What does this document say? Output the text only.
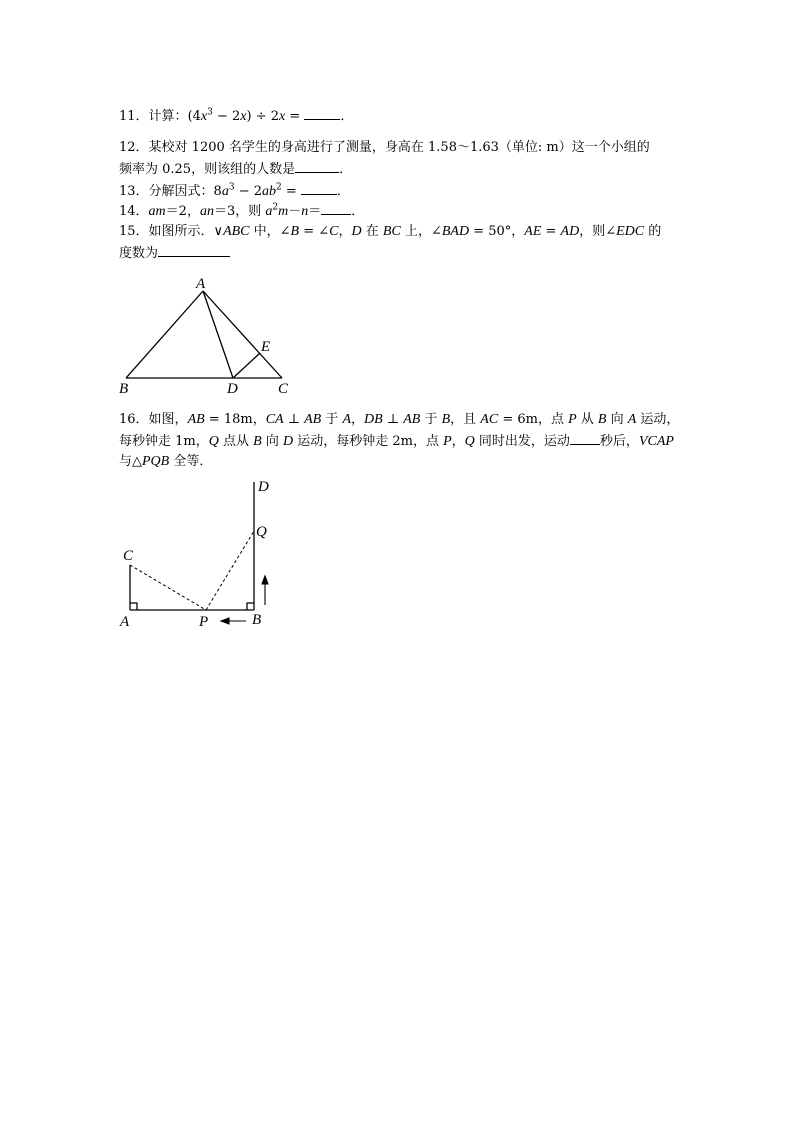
11．计算：$(4x^3 - 2x) \div 2x$ =	．
12．某校对 1200 名学生的身高进行了测量，身高在 1.58～1.63（单位: m）这一个小组的
频率为 0.25，则该组的人数是	．
13．分解因式：$8a^3 - 2ab^2$ =	．
14．am＝2，an＝3，则 $a^2m-n=$ ．
15．如图所示．∨ABC 中，∠B = ∠C，D 在 BC 上，∠BAD = 50°，AE = AD，则∠EDC 的
度数为
A
B	C
D
E
16．如图，AB = 18m，CA ⊥ AB 于 A，DB ⊥ AB 于 B，且 AC = 6m，点 P 从 B 向 A 运动，
每秒钟走 1m，Q 点从 B 向 D 运动，每秒钟走 2m，点 P，Q 同时出发，运动 秒后，VCAP
与△PQB 全等．
D
Q
C
A	P	B
